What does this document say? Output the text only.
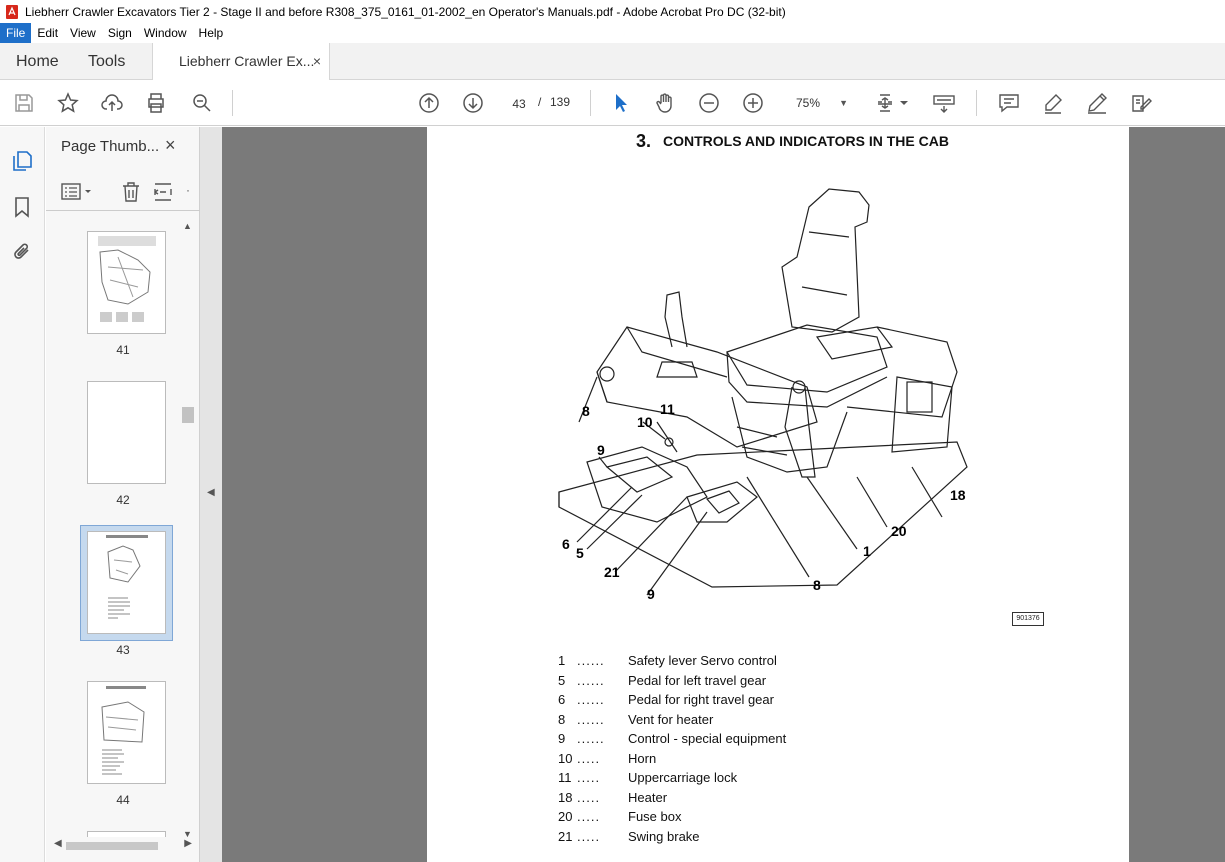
Liebherr Crawler Excavators Tier 2 - Stage II and before R308_375_0161_01-2002_en Operator's Manuals.pdf - Adobe Acrobat Pro DC (32-bit)
File	Edit	View	Sign	Window	Help
Home Tools	Liebherr Crawler Ex...
×
43	/ 139	75% ▼
Page Thumb... ×
·
41
42
43
44
▲
▼
◀	▶
◀
3. CONTROLS AND INDICATORS IN THE CAB
8	11
10
9
6
5
21
9
8
1
20
18
901376
1 ...... Safety lever Servo control
5 ...... Pedal for left travel gear
6 ...... Pedal for right travel gear
8 ...... Vent for heater
9 ...... Control - special equipment
10 ..... Horn
11 ..... Uppercarriage lock
18 ..... Heater
20 ..... Fuse box
21 ..... Swing brake
